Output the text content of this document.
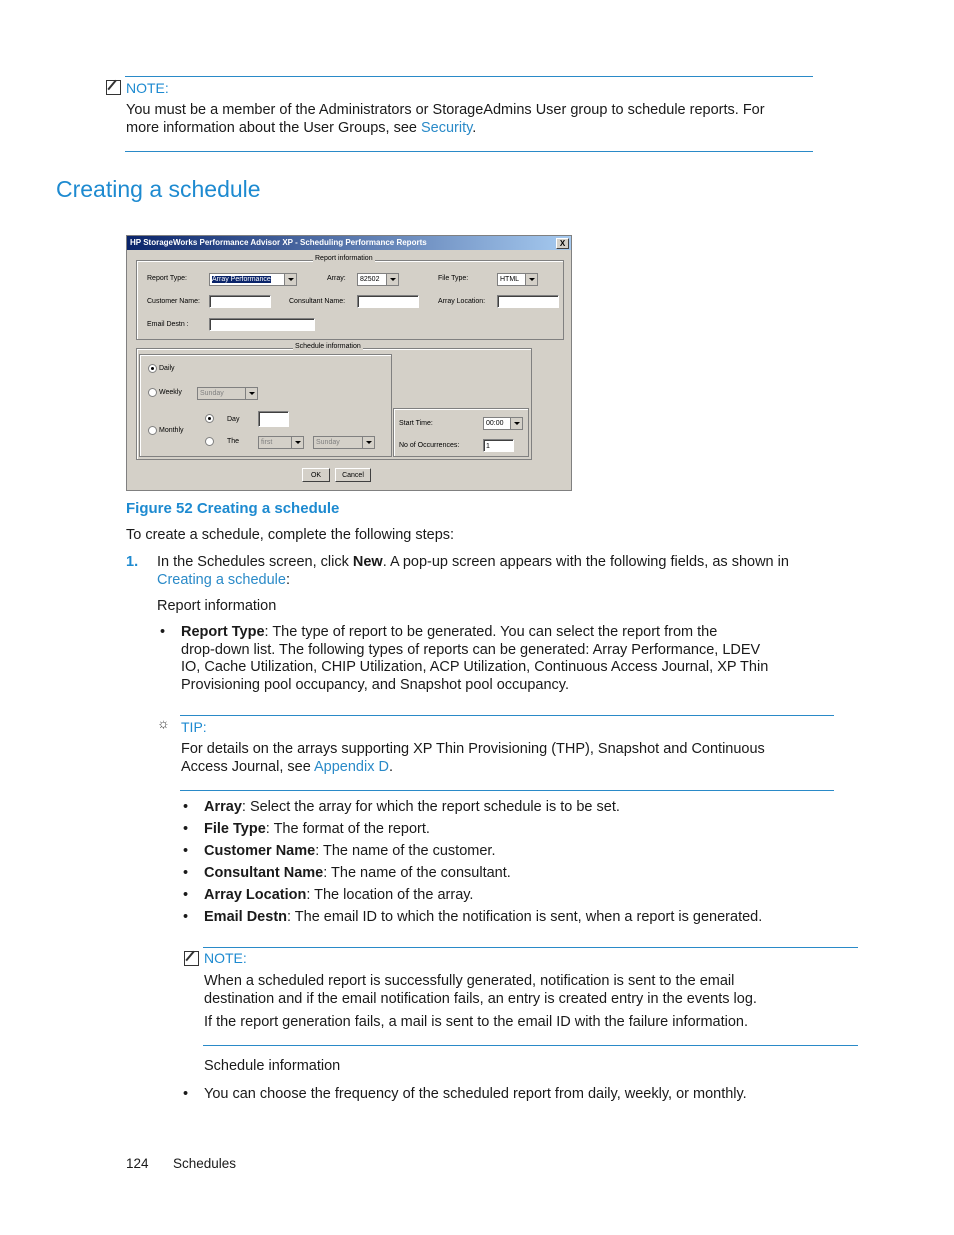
NOTE:

You must be a member of the Administrators or StorageAdmins User group to schedule reports. For

more information about the User Groups, see Security.

Creating a schedule
HP StorageWorks Performance Advisor XP - Scheduling Performance Reports	X
Report information
Report Type:	Array Performance	Array:	82502	File Type:	HTML
Customer Name:	Consultant Name:	Array Location:
Email Destn :
Schedule information
Daily
Weekly	Sunday
Monthly
Day
The	first	Sunday
Start Time:	00:00
No of Occurrences:	1
OK	Cancel
Figure 52 Creating a schedule
To create a schedule, complete the following steps:
1. In the Schedules screen, click New. A pop-up screen appears with the following fields, as shown in

Creating a schedule:

Report information
• Report Type: The type of report to be generated. You can select the report from the

drop-down list. The following types of reports can be generated: Array Performance, LDEV

IO, Cache Utilization, CHIP Utilization, ACP Utilization, Continuous Access Journal, XP Thin

Provisioning pool occupancy, and Snapshot pool occupancy.

☼ TIP:

For details on the arrays supporting XP Thin Provisioning (THP), Snapshot and Continuous

Access Journal, see Appendix D.

• Array: Select the array for which the report schedule is to be set.
• File Type: The format of the report.
• Customer Name: The name of the customer.
• Consultant Name: The name of the consultant.
• Array Location: The location of the array.
• Email Destn: The email ID to which the notification is sent, when a report is generated.
NOTE:

When a scheduled report is successfully generated, notification is sent to the email

destination and if the email notification fails, an entry is created entry in the events log.

If the report generation fails, a mail is sent to the email ID with the failure information.

Schedule information
• You can choose the frequency of the scheduled report from daily, weekly, or monthly.
124 Schedules
